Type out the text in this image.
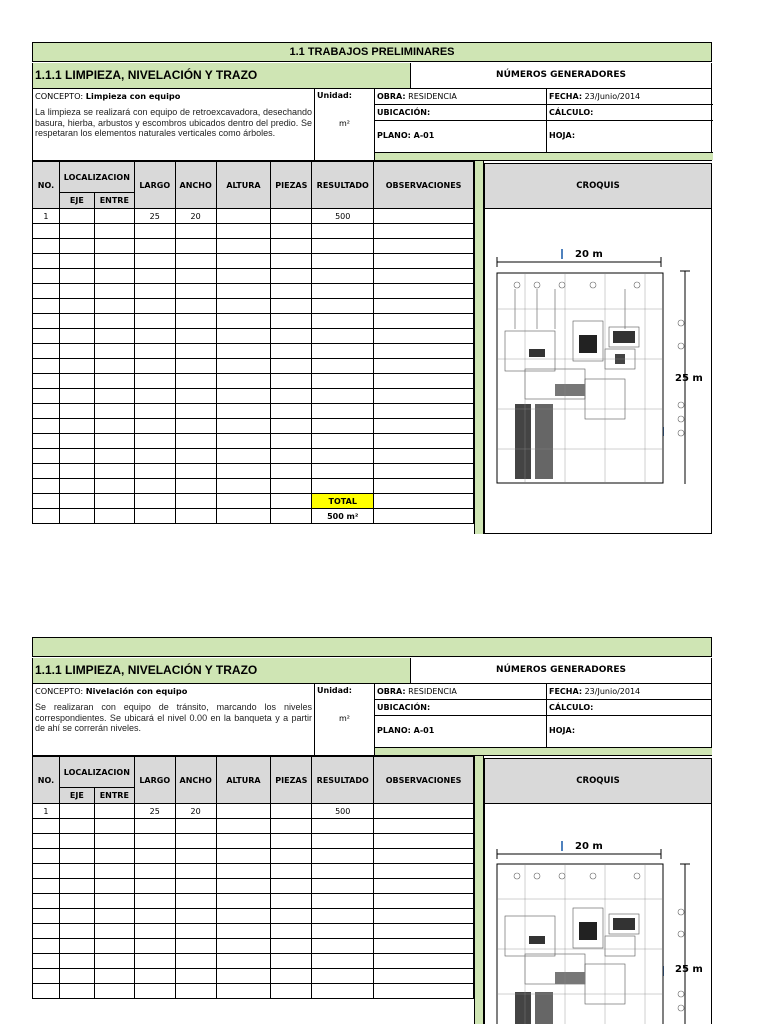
1.1 TRABAJOS PRELIMINARES
1.1.1 LIMPIEZA, NIVELACIÓN Y TRAZO	NÚMEROS GENERADORES
CONCEPTO: Limpieza con equipo
La limpieza se realizará con equipo de retroexcavadora, desechando basura, hierba, arbustos y escombros ubicados dentro del predio. Se respetaran los elementos naturales verticales como árboles.
Unidad:
m²
OBRA: RESIDENCIA	FECHA: 23/Junio/2014
UBICACIÓN:	CÁLCULO:
PLANO: A-01	HOJA:
NO.	LOCALIZACION		LARGO	ANCHO	ALTURA	PIEZAS	RESULTADO	OBSERVACIONES
	EJE	ENTRE						
1			25	20			500	

							TOTAL	
							500 m²	
CROQUIS
20 m
25 m
1.1.1 LIMPIEZA, NIVELACIÓN Y TRAZO	NÚMEROS GENERADORES
CONCEPTO: Nivelación con equipo
Se realizaran con equipo de tránsito, marcando los niveles correspondientes. Se ubicará el nivel 0.00 en la banqueta y a partir de ahí se correrán niveles.
Unidad:
m²
OBRA: RESIDENCIA	FECHA: 23/Junio/2014
UBICACIÓN:	CÁLCULO:
PLANO: A-01	HOJA:
NO.	LOCALIZACION		LARGO	ANCHO	ALTURA	PIEZAS	RESULTADO	OBSERVACIONES
	EJE	ENTRE						
1			25	20			500	

CROQUIS
20 m
25 m
